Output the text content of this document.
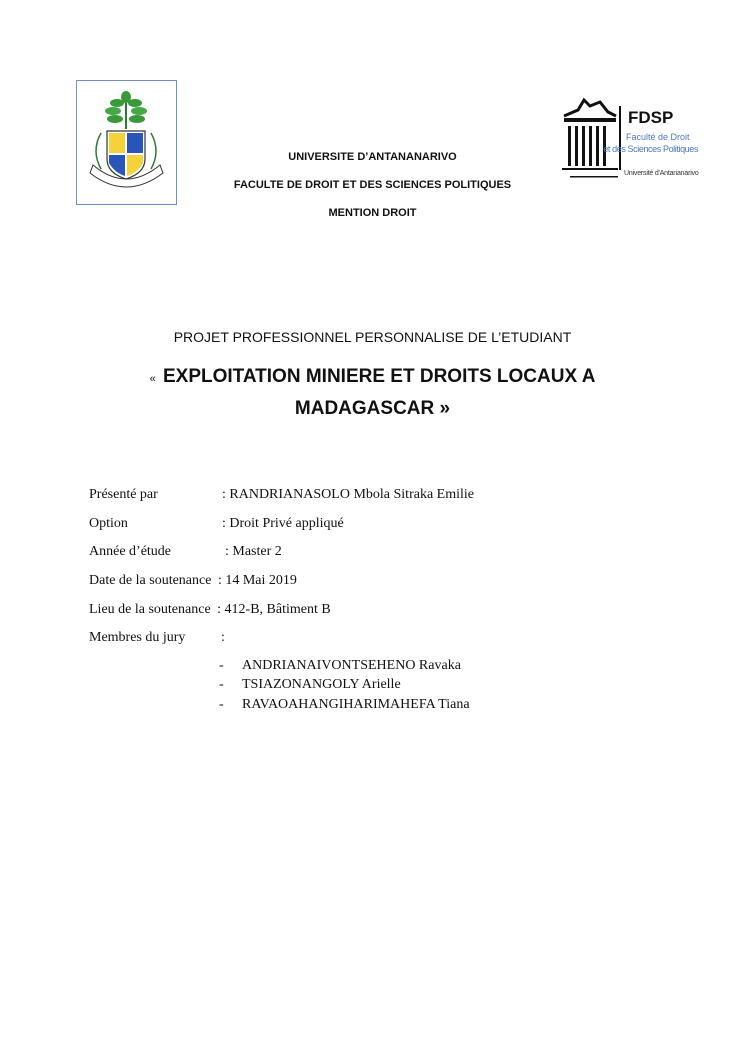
FDSP
Faculté de Droit
et des Sciences Politiques
Université d'Antananarivo
UNIVERSITE D’ANTANANARIVO
FACULTE DE DROIT ET DES SCIENCES POLITIQUES
MENTION DROIT
PROJET PROFESSIONNEL PERSONNALISE DE L’ETUDIANT
« EXPLOITATION MINIERE ET DROITS LOCAUX A
MADAGASCAR »
Présenté par	: RANDRIANASOLO Mbola Sitraka Emilie
Option	: Droit Privé appliqué
Année d’étude	: Master 2
Date de la soutenance : 14 Mai 2019
Lieu de la soutenance : 412-B, Bâtiment B
Membres du jury	:
- ANDRIANAIVONTSEHENO Ravaka
- TSIAZONANGOLY Arielle
- RAVAOAHANGIHARIMAHEFA Tiana
